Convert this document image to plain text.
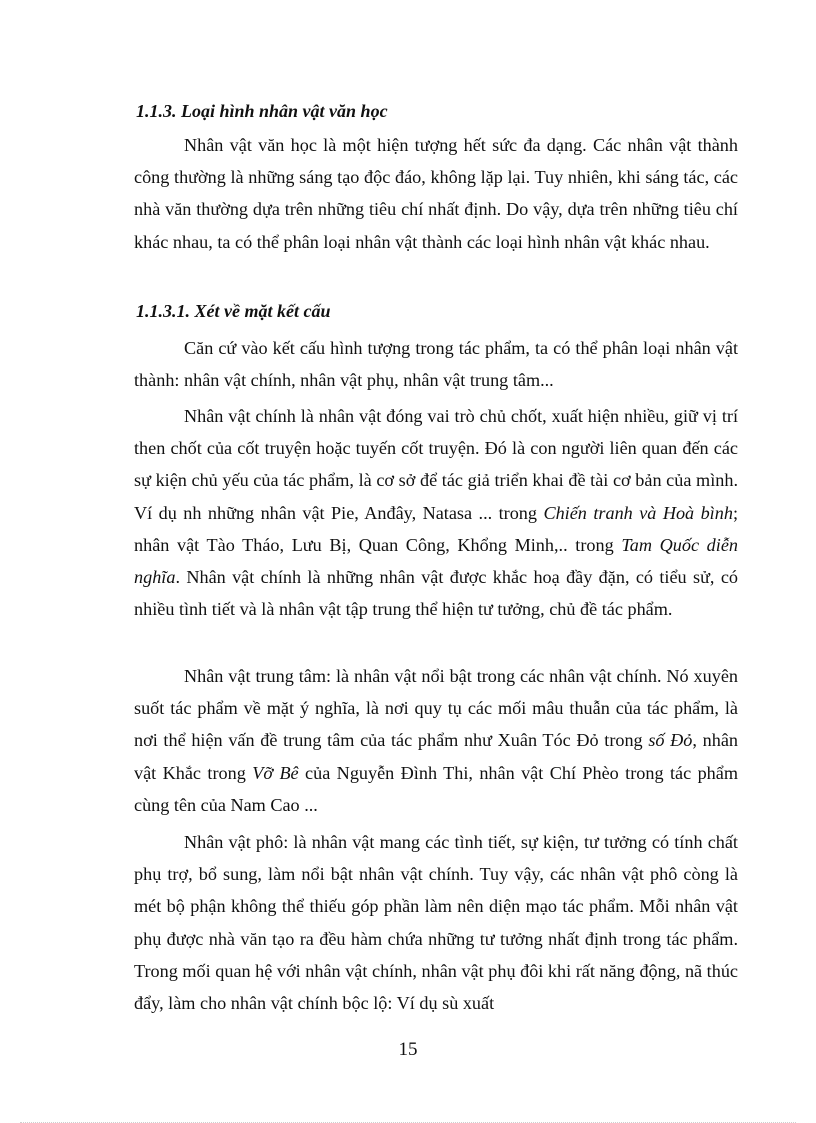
1.1.3. Loại hình nhân vật văn học

Nhân vật văn học là một hiện tượng hết sức đa dạng. Các nhân vật thành công thường là những sáng tạo độc đáo, không lặp lại. Tuy nhiên, khi sáng tác, các nhà văn thường dựa trên những tiêu chí nhất định. Do vậy, dựa trên những tiêu chí khác nhau, ta có thể phân loại nhân vật thành các loại hình nhân vật khác nhau.

1.1.3.1. Xét về mặt kết cấu

Căn cứ vào kết cấu hình tượng trong tác phẩm, ta có thể phân loại nhân vật thành: nhân vật chính, nhân vật phụ, nhân vật trung tâm...

Nhân vật chính là nhân vật đóng vai trò chủ chốt, xuất hiện nhiều, giữ vị trí then chốt của cốt truyện hoặc tuyến cốt truyện. Đó là con người liên quan đến các sự kiện chủ yếu của tác phẩm, là cơ sở để tác giả triển khai đề tài cơ bản của mình. Ví dụ nh những nhân vật Pie, Anđây, Natasa ... trong Chiến tranh và Hoà bình; nhân vật Tào Tháo, Lưu Bị, Quan Công, Khổng Minh,.. trong Tam Quốc diễn nghĩa. Nhân vật chính là những nhân vật được khắc hoạ đầy đặn, có tiểu sử, có nhiều tình tiết và là nhân vật tập trung thể hiện tư tưởng, chủ đề tác phẩm.

Nhân vật trung tâm: là nhân vật nổi bật trong các nhân vật chính. Nó xuyên suốt tác phẩm về mặt ý nghĩa, là nơi quy tụ các mối mâu thuẫn của tác phẩm, là nơi thể hiện vấn đề trung tâm của tác phẩm như Xuân Tóc Đỏ trong số Đỏ, nhân vật Khắc trong Vỡ Bê của Nguyễn Đình Thi, nhân vật Chí Phèo trong tác phẩm cùng tên của Nam Cao ...

Nhân vật phô: là nhân vật mang các tình tiết, sự kiện, tư tưởng có tính chất phụ trợ, bổ sung, làm nổi bật nhân vật chính. Tuy vậy, các nhân vật phô còng là mét bộ phận không thể thiếu góp phần làm nên diện mạo tác phẩm. Mỗi nhân vật phụ được nhà văn tạo ra đều hàm chứa những tư tưởng nhất định trong tác phẩm. Trong mối quan hệ với nhân vật chính, nhân vật phụ đôi khi rất năng động, nã thúc đẩy, làm cho nhân vật chính bộc lộ: Ví dụ sù xuất

15
